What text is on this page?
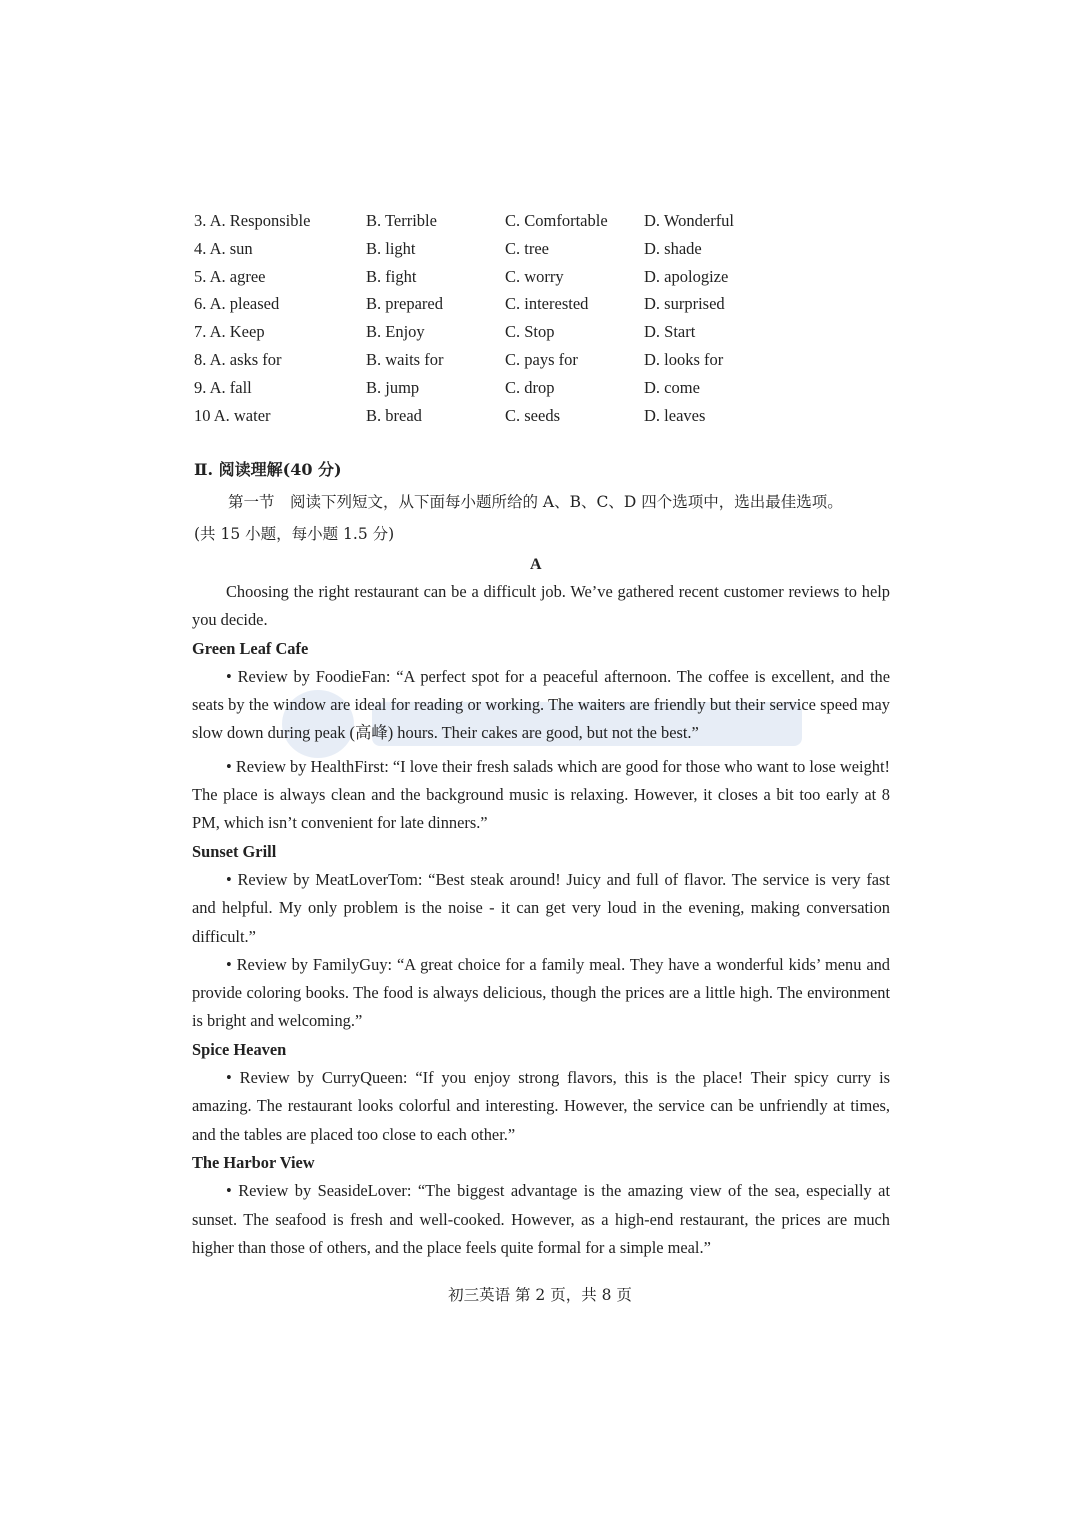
3. A. Responsible	B. Terrible	C. Comfortable D. Wonderful
4. A. sun	B. light	C. tree	D. shade
5. A. agree	B. fight	C. worry	D. apologize
6. A. pleased	B. prepared	C. interested	D. surprised
7. A. Keep	B. Enjoy	C. Stop	D. Start
8. A. asks for	B. waits for	C. pays for	D. looks for
9. A. fall	B. jump	C. drop	D. come
10 A. water	B. bread	C. seeds	D. leaves
Ⅱ. 阅读理解(40 分)
第一节　阅读下列短文，从下面每小题所给的 A、B、C、D 四个选项中，选出最佳选项。
(共 15 小题，每小题 1.5 分)
A

Choosing the right restaurant can be a difficult job. We’ve gathered recent customer reviews to help you decide.

Green Leaf Cafe

• Review by FoodieFan: “A perfect spot for a peaceful afternoon. The coffee is excellent, and the seats by the window are ideal for reading or working. The waiters are friendly but their service speed may slow down during peak (高峰) hours. Their cakes are good, but not the best.”

• Review by HealthFirst: “I love their fresh salads which are good for those who want to lose weight! The place is always clean and the background music is relaxing. However, it closes a bit too early at 8 PM, which isn’t convenient for late dinners.”

Sunset Grill

• Review by MeatLoverTom: “Best steak around! Juicy and full of flavor. The service is very fast and helpful. My only problem is the noise - it can get very loud in the evening, making conversation difficult.”

• Review by FamilyGuy: “A great choice for a family meal. They have a wonderful kids’ menu and provide coloring books. The food is always delicious, though the prices are a little high. The environment is bright and welcoming.”

Spice Heaven

• Review by CurryQueen: “If you enjoy strong flavors, this is the place! Their spicy curry is amazing. The restaurant looks colorful and interesting. However, the service can be unfriendly at times, and the tables are placed too close to each other.”

The Harbor View

• Review by SeasideLover: “The biggest advantage is the amazing view of the sea, especially at sunset. The seafood is fresh and well-cooked. However, as a high-end restaurant, the prices are much higher than those of others, and the place feels quite formal for a simple meal.”

初三英语 第 2 页，共 8 页
